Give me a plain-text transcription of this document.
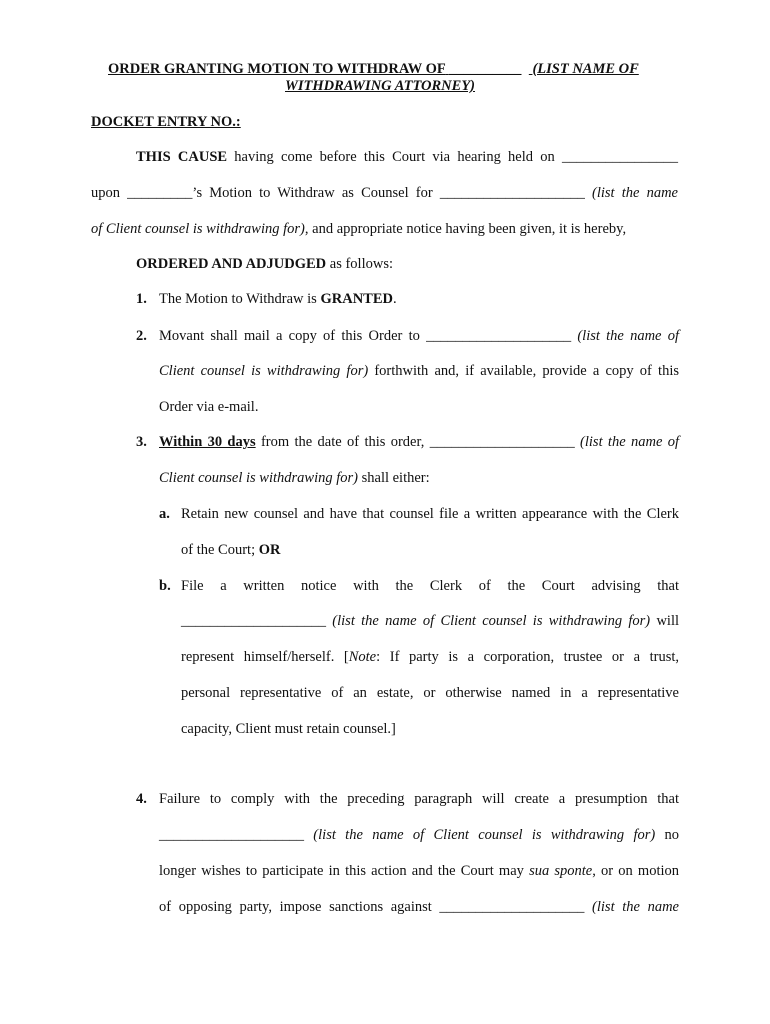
ORDER GRANTING MOTION TO WITHDRAW OF __________ (LIST NAME OF
WITHDRAWING ATTORNEY)
DOCKET ENTRY NO.:
THIS CAUSE having come before this Court via hearing held on ________________
upon _________’s Motion to Withdraw as Counsel for ____________________ (list the name
of Client counsel is withdrawing for), and appropriate notice having been given, it is hereby,
ORDERED AND ADJUDGED as follows:
1. The Motion to Withdraw is GRANTED.
2. Movant shall mail a copy of this Order to ____________________ (list the name of
Client counsel is withdrawing for) forthwith and, if available, provide a copy of this
Order via e-mail.
3. Within 30 days from the date of this order, ____________________ (list the name of
Client counsel is withdrawing for) shall either:
a. Retain new counsel and have that counsel file a written appearance with the Clerk
of the Court; OR
b. File a written notice with the Clerk of the Court advising that
____________________ (list the name of Client counsel is withdrawing for) will
represent himself/herself. [Note: If party is a corporation, trustee or a trust,
personal representative of an estate, or otherwise named in a representative
capacity, Client must retain counsel.]
4. Failure to comply with the preceding paragraph will create a presumption that
____________________ (list the name of Client counsel is withdrawing for) no
longer wishes to participate in this action and the Court may sua sponte, or on motion
of opposing party, impose sanctions against ____________________ (list the name
